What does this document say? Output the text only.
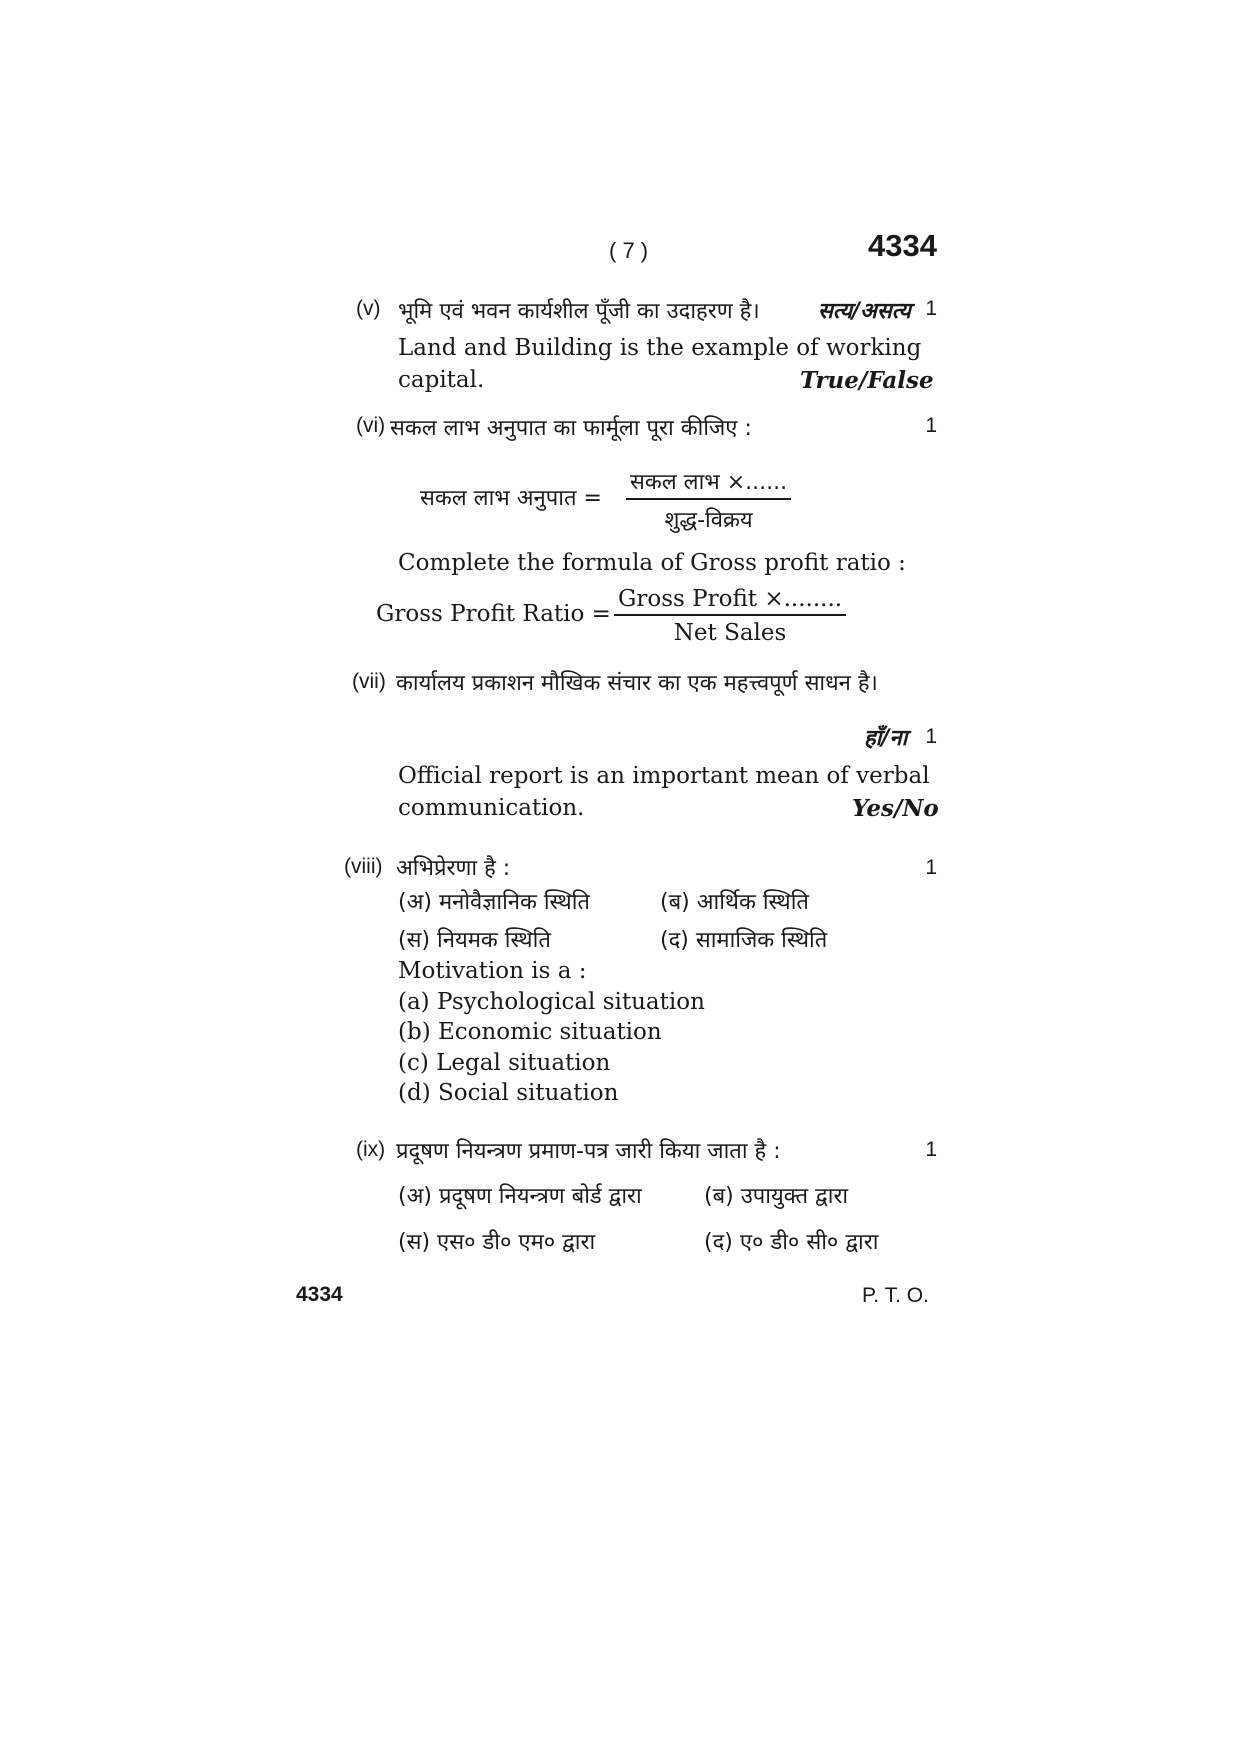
( 7 )	4334
(v) भूमि एवं भवन कार्यशील पूँजी का उदाहरण है।	सत्य/असत्य 1
Land and Building is the example of working
capital.	True/False
(vi) सकल लाभ अनुपात का फार्मूला पूरा कीजिए :	1
सकल लाभ अनुपात =
सकल लाभ ×......
शुद्ध-विक्रय
Complete the formula of Gross profit ratio :
Gross Profit Ratio =
Gross Profit ×........
Net Sales
(vii) कार्यालय प्रकाशन मौखिक संचार का एक महत्त्वपूर्ण साधन है।
हाँ/ना 1
Official report is an important mean of verbal
communication.	Yes/No
(viii) अभिप्रेरणा है :	1
(अ) मनोवैज्ञानिक स्थिति	(ब) आर्थिक स्थिति
(स) नियमक स्थिति	(द) सामाजिक स्थिति
Motivation is a :
(a) Psychological situation
(b) Economic situation
(c) Legal situation
(d) Social situation
(ix) प्रदूषण नियन्त्रण प्रमाण-पत्र जारी किया जाता है :	1
(अ) प्रदूषण नियन्त्रण बोर्ड द्वारा	(ब) उपायुक्त द्वारा
(स) एस० डी० एम० द्वारा	(द) ए० डी० सी० द्वारा
4334	P. T. O.
